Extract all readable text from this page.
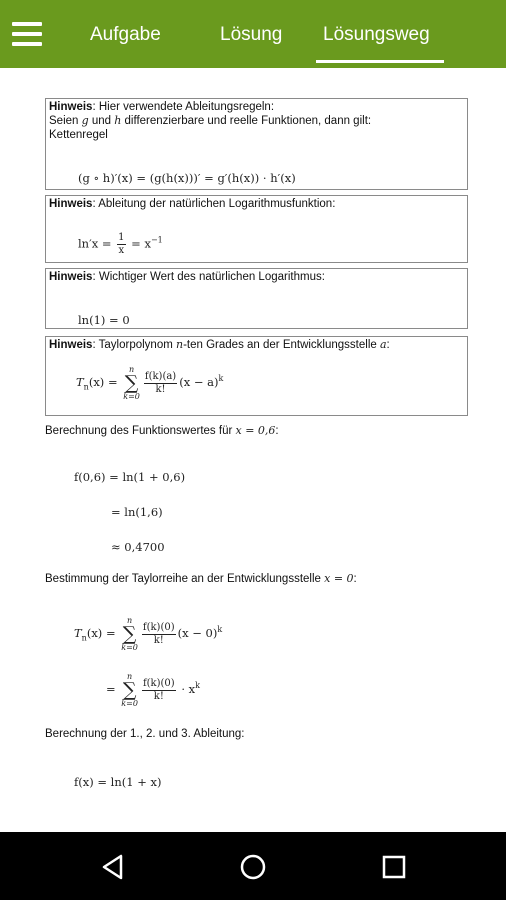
Aufgabe	Lösung Lösungsweg
Hinweis: Hier verwendete Ableitungsregeln:
Seien g und h differenzierbare und reelle Funktionen, dann gilt:
Kettenregel
(g ∘ h)′(x) = (g(h(x)))′ = g′(h(x)) · h′(x)
Hinweis: Ableitung der natürlichen Logarithmusfunktion:
$\ln'x = \frac{1}{x} = x^{-1}$
Hinweis: Wichtiger Wert des natürlichen Logarithmus:
ln(1) = 0
Hinweis: Taylorpolynom n-ten Grades an der Entwicklungsstelle a:
$T_n(x)$ =
n
∑
k=0
$\frac{f(k)(a)}{k!} (x - a)^k$
Berechnung des Funktionswertes für x = 0,6:
f(0,6) = ln(1 + 0,6)
= ln(1,6)
≈ 0,4700
Bestimmung der Taylorreihe an der Entwicklungsstelle x = 0:
$T_n(x)$ =
n
∑
k=0
$\frac{f(k)(0)}{k!} (x - 0)^k$
=
n
∑
k=0
$\frac{f(k)(0)}{k!} \cdot x^k$
Berechnung der 1., 2. und 3. Ableitung:
f(x) = ln(1 + x)
